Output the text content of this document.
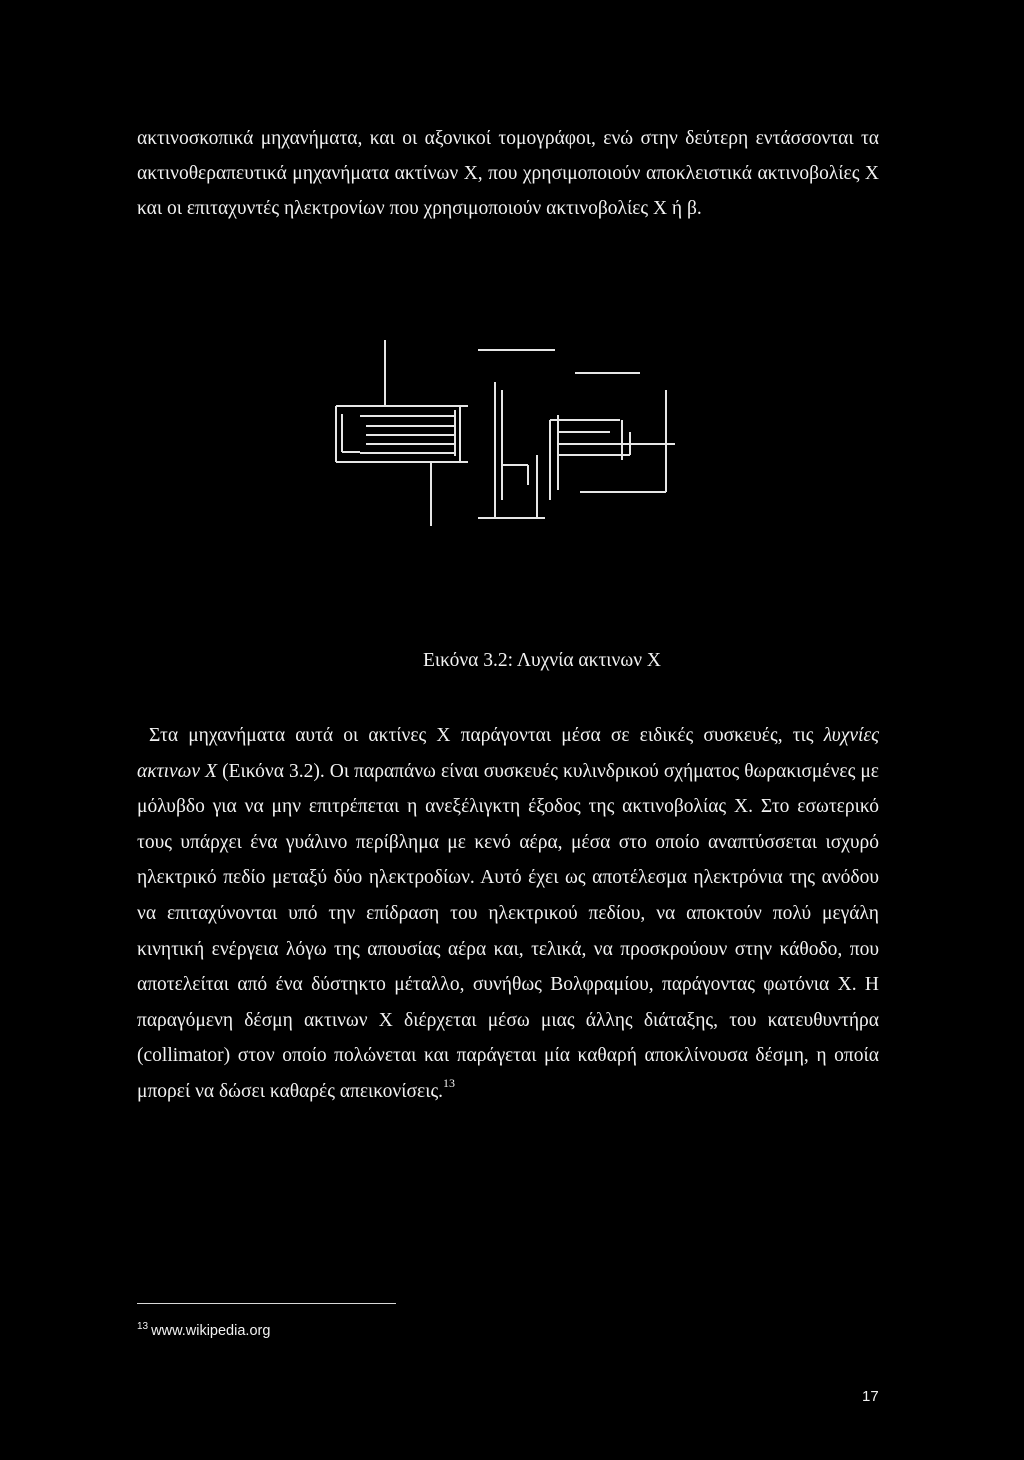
ακτινοσκοπικά μηχανήματα, και οι αξονικοί τομογράφοι, ενώ στην δεύτερη εντάσσονται τα ακτινοθεραπευτικά μηχανήματα ακτίνων Χ, που χρησιμοποιούν αποκλειστικά ακτινοβολίες Χ και οι επιταχυντές ηλεκτρονίων που χρησιμοποιούν ακτινοβολίες Χ ή β.

Εικόνα 3.2: Λυχνία ακτινων Χ

Στα μηχανήματα αυτά οι ακτίνες Χ παράγονται μέσα σε ειδικές συσκευές, τις λυχνίες ακτινων Χ (Εικόνα 3.2). Οι παραπάνω είναι συσκευές κυλινδρικού σχήματος θωρακισμένες με μόλυβδο για να μην επιτρέπεται η ανεξέλιγκτη έξοδος της ακτινοβολίας Χ. Στο εσωτερικό τους υπάρχει ένα γυάλινο περίβλημα με κενό αέρα, μέσα στο οποίο αναπτύσσεται ισχυρό ηλεκτρικό πεδίο μεταξύ δύο ηλεκτροδίων. Αυτό έχει ως αποτέλεσμα ηλεκτρόνια της ανόδου να επιταχύνονται υπό την επίδραση του ηλεκτρικού πεδίου, να αποκτούν πολύ μεγάλη κινητική ενέργεια λόγω της απουσίας αέρα και, τελικά, να προσκρούουν στην κάθοδο, που αποτελείται από ένα δύστηκτο μέταλλο, συνήθως Βολφραμίου, παράγοντας φωτόνια Χ. Η παραγόμενη δέσμη ακτινων Χ διέρχεται μέσω μιας άλλης διάταξης, του κατευθυντήρα (collimator) στον οποίο πολώνεται και παράγεται μία καθαρή αποκλίνουσα δέσμη, η οποία μπορεί να δώσει καθαρές απεικονίσεις.$^{13}$

$^{13}$ www.wikipedia.org

17
